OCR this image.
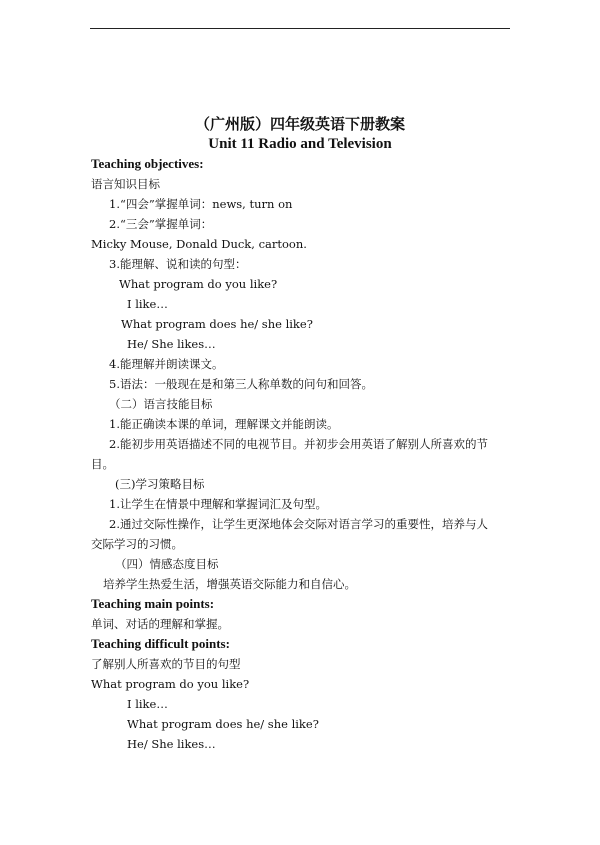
（广州版）四年级英语下册教案
Unit 11 Radio and Television
Teaching objectives:
语言知识目标
1.“四会”掌握单词：news, turn on
2.“三会”掌握单词：
Micky Mouse, Donald Duck, cartoon.
3.能理解、说和读的句型：
What program do you like?
I like…
What program does he/ she like?
He/ She likes…
4.能理解并朗读课文。
5.语法：一般现在是和第三人称单数的问句和回答。
（二）语言技能目标
1.能正确读本课的单词，理解课文并能朗读。
2.能初步用英语描述不同的电视节目。并初步会用英语了解别人所喜欢的节
目。
(三)学习策略目标
1.让学生在情景中理解和掌握词汇及句型。
2.通过交际性操作，让学生更深地体会交际对语言学习的重要性，培养与人
交际学习的习惯。
（四）情感态度目标
培养学生热爱生活，增强英语交际能力和自信心。
Teaching main points:
单词、对话的理解和掌握。
Teaching difficult points:
了解别人所喜欢的节目的句型
What program do you like?
I like…
What program does he/ she like?
He/ She likes…
